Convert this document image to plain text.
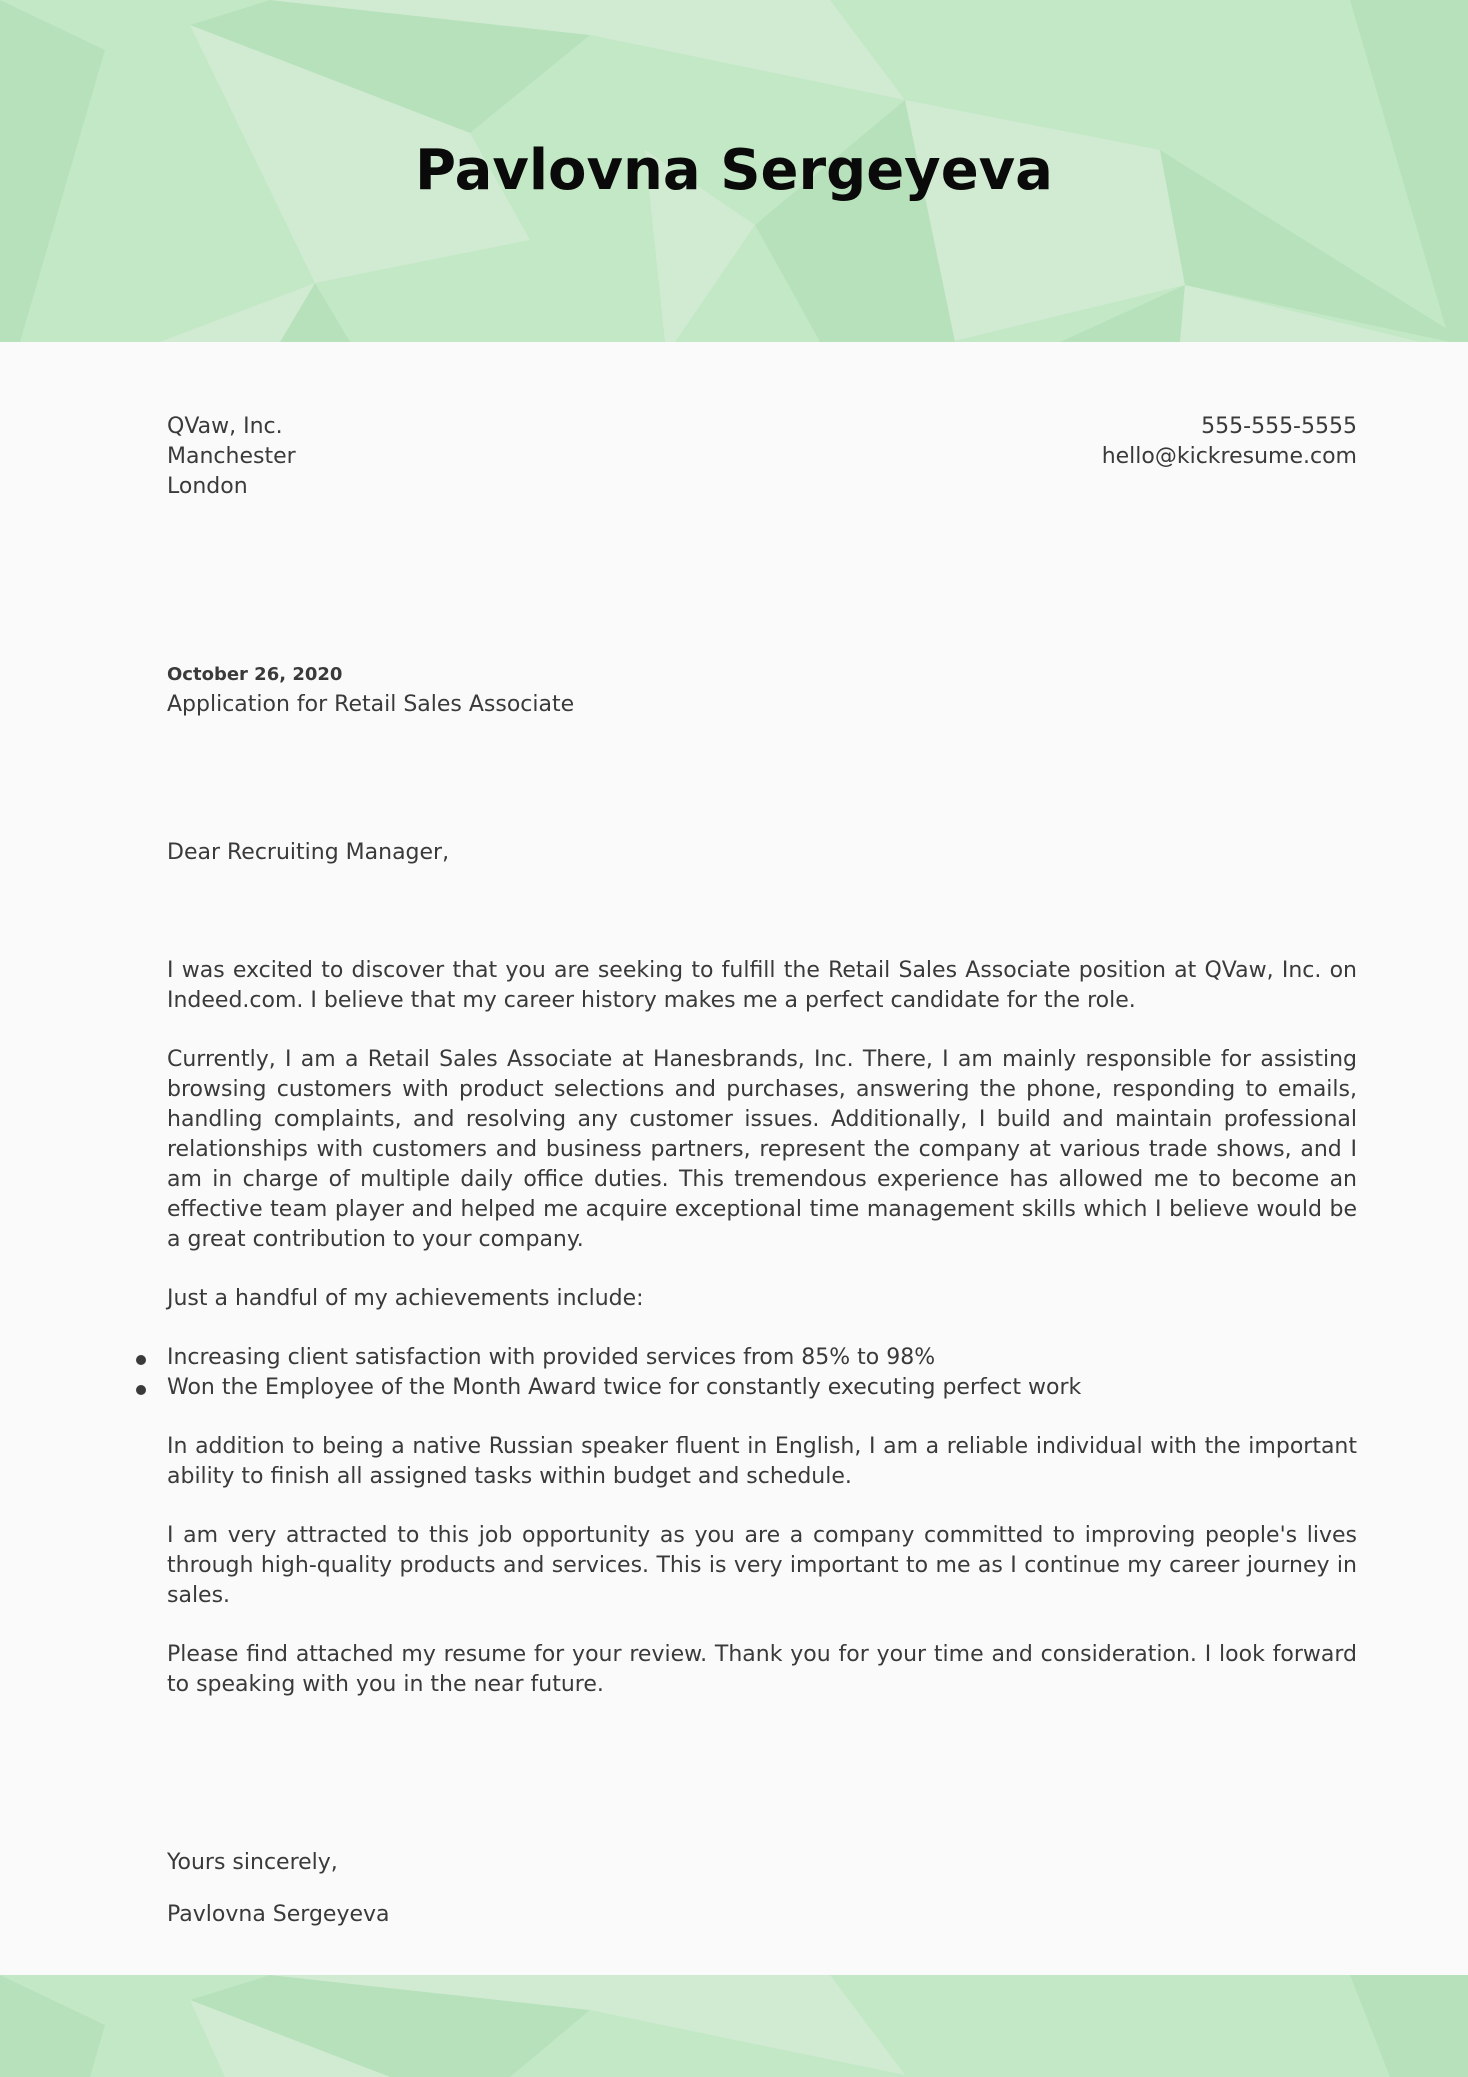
Pavlovna Sergeyeva
QVaw, Inc.
Manchester
London
555-555-5555
hello@kickresume.com
October 26, 2020
Application for Retail Sales Associate
Dear Recruiting Manager,

I was excited to discover that you are seeking to fulfill the Retail Sales Associate position at QVaw, Inc. on Indeed.com. I believe that my career history makes me a perfect candidate for the role.

Currently, I am a Retail Sales Associate at Hanesbrands, Inc. There, I am mainly responsible for assisting browsing customers with product selections and purchases, answering the phone, responding to emails, handling complaints, and resolving any customer issues. Additionally, I build and maintain professional relationships with customers and business partners, represent the company at various trade shows, and I am in charge of multiple daily office duties. This tremendous experience has allowed me to become an effective team player and helped me acquire exceptional time management skills which I believe would be a great contribution to your company.

Just a handful of my achievements include:

Increasing client satisfaction with provided services from 85% to 98%
Won the Employee of the Month Award twice for constantly executing perfect work

In addition to being a native Russian speaker fluent in English, I am a reliable individual with the important ability to finish all assigned tasks within budget and schedule.

I am very attracted to this job opportunity as you are a company committed to improving people's lives through high-quality products and services. This is very important to me as I continue my career journey in sales.

Please find attached my resume for your review. Thank you for your time and consideration. I look forward to speaking with you in the near future.

Yours sincerely,
Pavlovna Sergeyeva
